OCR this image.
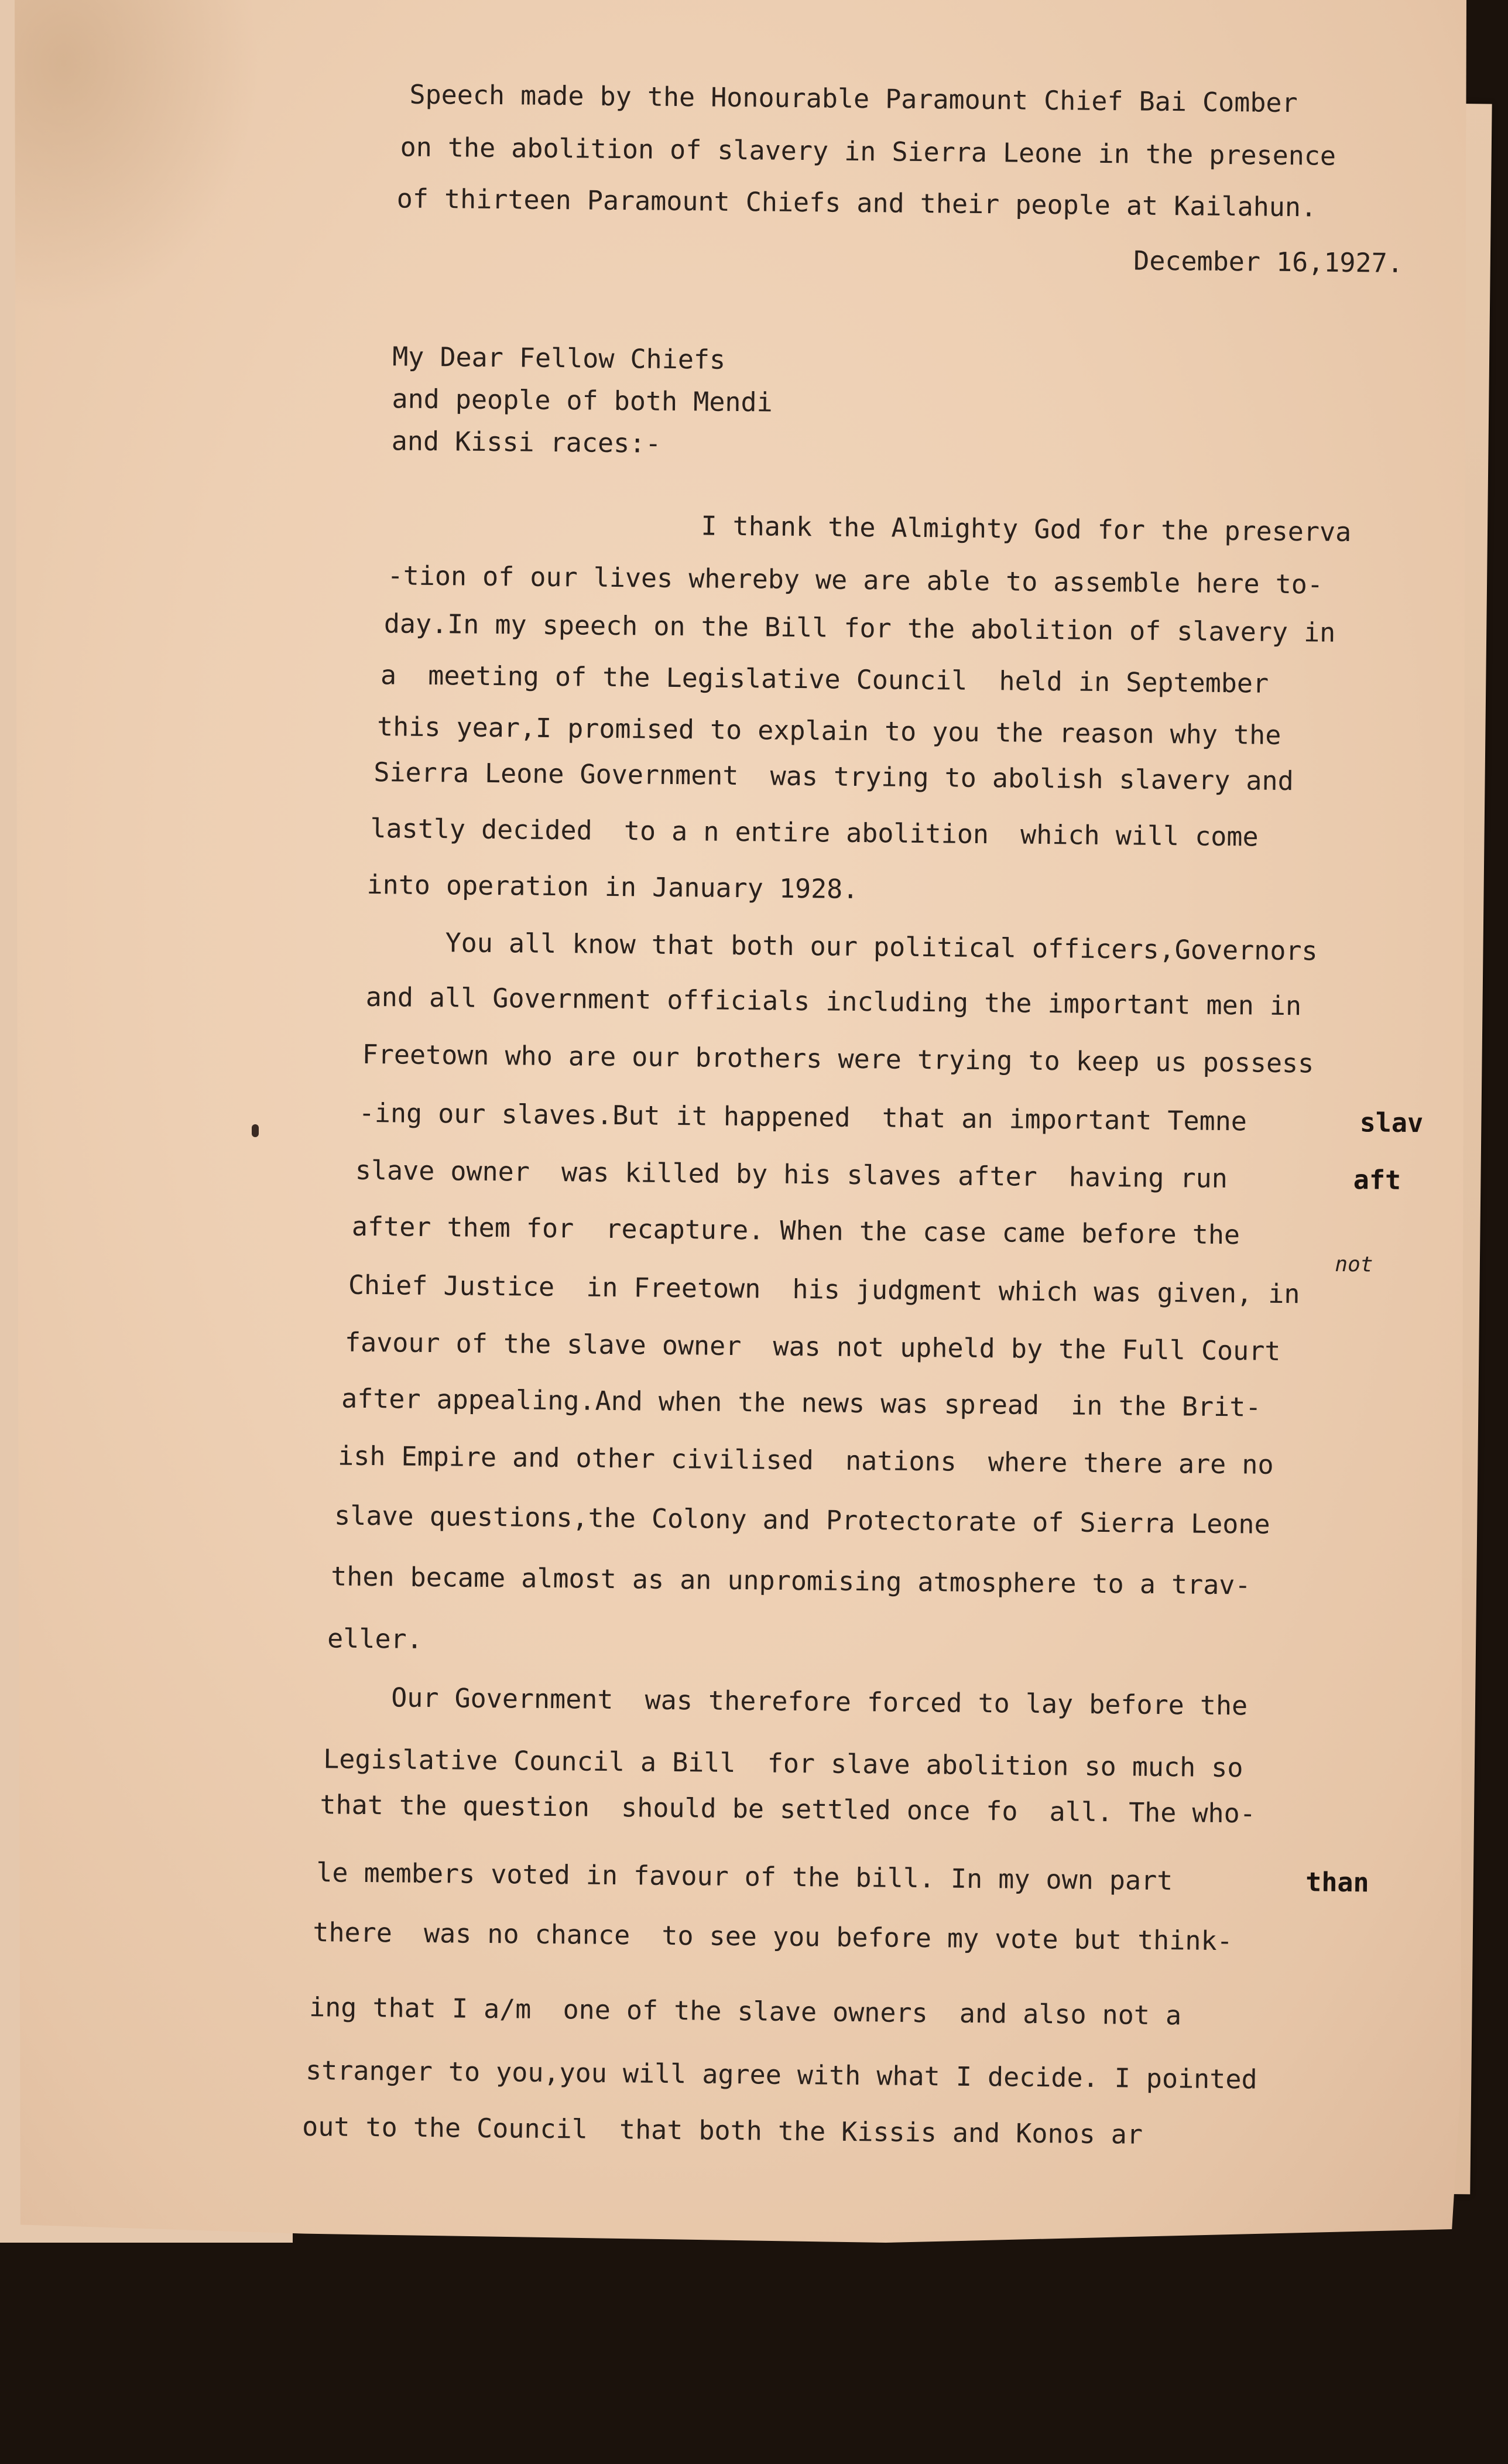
Speech made by the Honourable Paramount Chief Bai Comber
on the abolition of slavery in Sierra Leone in the presence
of thirteen Paramount Chiefs and their people at Kailahun.
December 16,1927.
My Dear Fellow Chiefs
and people of both Mendi
and Kissi races:-
I thank the Almighty God for the preserva
-tion of our lives whereby we are able to assemble here to-
day.In my speech on the Bill for the abolition of slavery in
a  meeting of the Legislative Council  held in September
this year,I promised to explain to you the reason why the
Sierra Leone Government  was trying to abolish slavery and
lastly decided  to a n entire abolition  which will come
into operation in January 1928.
You all know that both our political officers,Governors
and all Government officials including the important men in
Freetown who are our brothers were trying to keep us possess
-ing our slaves.But it happened  that an important Temne
slave owner  was killed by his slaves after  having run
after them for  recapture. When the case came before the
Chief Justice  in Freetown  his judgment which was given, in
not
favour of the slave owner  was not upheld by the Full Court
after appealing.And when the news was spread  in the Brit-
ish Empire and other civilised  nations  where there are no
slave questions,the Colony and Protectorate of Sierra Leone
then became almost as an unpromising atmosphere to a trav-
eller.
Our Government  was therefore forced to lay before the
Legislative Council a Bill  for slave abolition so much so
that the question  should be settled once fo  all. The who-
le members voted in favour of the bill. In my own part
there  was no chance  to see you before my vote but think-
ing that I a/m  one of the slave owners  and also not a
stranger to you,you will agree with what I decide. I pointed
out to the Council  that both the Kissis and Konos ar
slav
aft
than
